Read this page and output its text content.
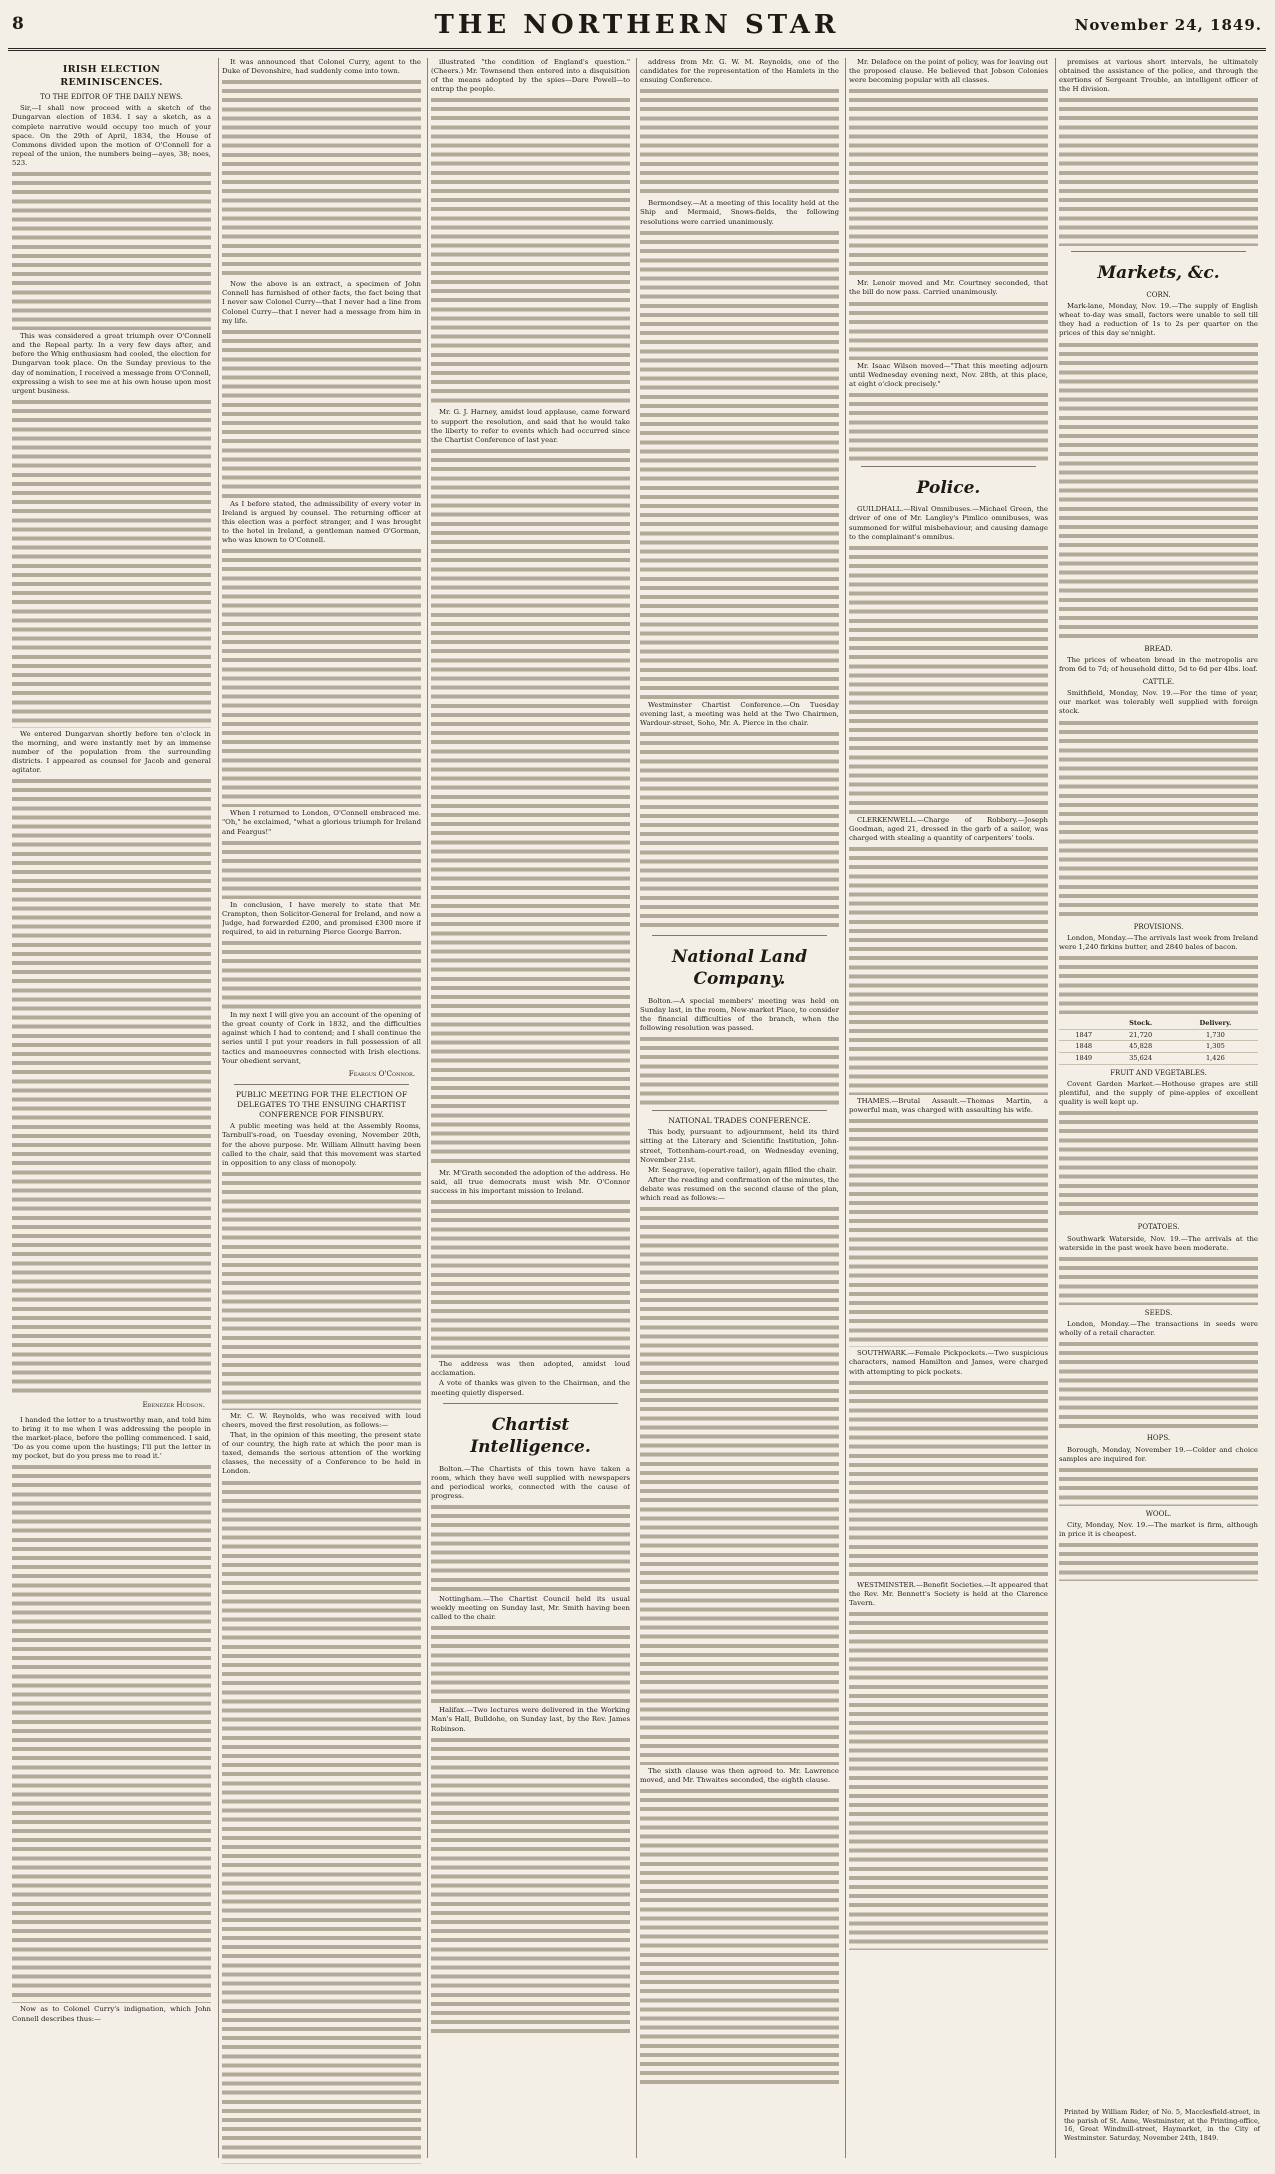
8	THE NORTHERN STAR	November 24, 1849.
IRISH ELECTION REMINISCENCES.
TO THE EDITOR OF THE DAILY NEWS.

Sir,—I shall now proceed with a sketch of the Dungarvan election of 1834. I say a sketch, as a complete narrative would occupy too much of your space. On the 29th of April, 1834, the House of Commons divided upon the motion of O'Connell for a repeal of the union, the numbers being—ayes, 38; noes, 523.

This was considered a great triumph over O'Connell and the Repeal party. In a very few days after, and before the Whig enthusiasm had cooled, the election for Dungarvan took place. On the Sunday previous to the day of nomination, I received a message from O'Connell, expressing a wish to see me at his own house upon most urgent business.

We entered Dungarvan shortly before ten o'clock in the morning, and were instantly met by an immense number of the population from the surrounding districts. I appeared as counsel for Jacob and general agitator.

Ebenezer Hudson.

I handed the letter to a trustworthy man, and told him to bring it to me when I was addressing the people in the market-place, before the polling commenced. I said, 'Do as you come upon the hustings; I'll put the letter in my pocket, but do you press me to read it.'

Now as to Colonel Curry's indignation, which John Connell describes thus:—

It was announced that Colonel Curry, agent to the Duke of Devonshire, had suddenly come into town.

Now the above is an extract, a specimen of John Connell has furnished of other facts, the fact being that I never saw Colonel Curry—that I never had a line from Colonel Curry—that I never had a message from him in my life.

As I before stated, the admissibility of every voter in Ireland is argued by counsel. The returning officer at this election was a perfect stranger, and I was brought to the hotel in Ireland, a gentleman named O'Gorman, who was known to O'Connell.

When I returned to London, O'Connell embraced me. "Oh," he exclaimed, "what a glorious triumph for Ireland and Feargus!"

In conclusion, I have merely to state that Mr. Crampton, then Solicitor-General for Ireland, and now a Judge, had forwarded £200, and promised £300 more if required, to aid in returning Pierce George Barron.

In my next I will give you an account of the opening of the great county of Cork in 1832, and the difficulties against which I had to contend; and I shall continue the series until I put your readers in full possession of all tactics and manoeuvres connected with Irish elections. Your obedient servant,

Feargus O'Connor.
PUBLIC MEETING FOR THE ELECTION OF DELEGATES TO THE ENSUING CHARTIST CONFERENCE FOR FINSBURY.

A public meeting was held at the Assembly Rooms, Tarnbull's-road, on Tuesday evening, November 20th, for the above purpose. Mr. William Allnutt having been called to the chair, said that this movement was started in opposition to any class of monopoly.

Mr. C. W. Reynolds, who was received with loud cheers, moved the first resolution, as follows:—

That, in the opinion of this meeting, the present state of our country, the high rate at which the poor man is taxed, demands the serious attention of the working classes, the necessity of a Conference to be held in London.

illustrated "the condition of England's question." (Cheers.) Mr. Townsend then entered into a disquisition of the means adopted by the spies—Dare Powell—to entrap the people.

Mr. G. J. Harney, amidst loud applause, came forward to support the resolution, and said that he would take the liberty to refer to events which had occurred since the Chartist Conference of last year.

Mr. M'Grath seconded the adoption of the address. He said, all true democrats must wish Mr. O'Connor success in his important mission to Ireland.

The address was then adopted, amidst loud acclamation.

A vote of thanks was given to the Chairman, and the meeting quietly dispersed.

Chartist Intelligence.

Bolton.—The Chartists of this town have taken a room, which they have well supplied with newspapers and periodical works, connected with the cause of progress.

Nottingham.—The Chartist Council held its usual weekly meeting on Sunday last, Mr. Smith having been called to the chair.

Halifax.—Two lectures were delivered in the Working Man's Hall, Bulldohe, on Sunday last, by the Rev. James Robinson.

address from Mr. G. W. M. Reynolds, one of the candidates for the representation of the Hamlets in the ensuing Conference.

Bermondsey.—At a meeting of this locality held at the Ship and Mermaid, Snows-fields, the following resolutions were carried unanimously.

Westminster Chartist Conference.—On Tuesday evening last, a meeting was held at the Two Chairmen, Wardour-street, Soho, Mr. A. Pierce in the chair.

National Land Company.

Bolton.—A special members' meeting was held on Sunday last, in the room, New-market Place, to consider the financial difficulties of the branch, when the following resolution was passed.

NATIONAL TRADES CONFERENCE.

This body, pursuant to adjournment, held its third sitting at the Literary and Scientific Institution, John-street, Tottenham-court-road, on Wednesday evening, November 21st.

Mr. Seagrave, (operative tailor), again filled the chair.

After the reading and confirmation of the minutes, the debate was resumed on the second clause of the plan, which read as follows:—

The sixth clause was then agreed to. Mr. Lawrence moved, and Mr. Thwaites seconded, the eighth clause.

Mr. Delafoce on the point of policy, was for leaving out the proposed clause. He believed that Jobson Colonies were becoming popular with all classes.

Mr. Lenoir moved and Mr. Courtney seconded, that the bill do now pass. Carried unanimously.

Mr. Isaac Wilson moved—"That this meeting adjourn until Wednesday evening next, Nov. 28th, at this place, at eight o'clock precisely."

Police.

GUILDHALL.—Rival Omnibuses.—Michael Green, the driver of one of Mr. Langley's Pimlico omnibuses, was summoned for wilful misbehaviour, and causing damage to the complainant's omnibus.

CLERKENWELL.—Charge of Robbery.—Joseph Goodman, aged 21, dressed in the garb of a sailor, was charged with stealing a quantity of carpenters' tools.

THAMES.—Brutal Assault.—Thomas Martin, a powerful man, was charged with assaulting his wife.

SOUTHWARK.—Female Pickpockets.—Two suspicious characters, named Hamilton and James, were charged with attempting to pick pockets.

WESTMINSTER.—Benefit Societies.—It appeared that the Rev. Mr. Bennett's Society is held at the Clarence Tavern.

premises at various short intervals, he ultimately obtained the assistance of the police, and through the exertions of Sergeant Trouble, an intelligent officer of the H division.

Markets, &c.
CORN.

Mark-lane, Monday, Nov. 19.—The supply of English wheat to-day was small, factors were unable to sell till they had a reduction of 1s to 2s per quarter on the prices of this day se'nnight.

BREAD.

The prices of wheaten bread in the metropolis are from 6d to 7d; of household ditto, 5d to 6d per 4lbs. loaf.

CATTLE.

Smithfield, Monday, Nov. 19.—For the time of year, our market was tolerably well supplied with foreign stock.

PROVISIONS.

London, Monday.—The arrivals last week from Ireland were 1,240 firkins butter, and 2840 bales of bacon.

	Stock.	Delivery.
1847	21,720	1,730
1848	45,828	1,305
1849	35,624	1,426
FRUIT AND VEGETABLES.

Covent Garden Market.—Hothouse grapes are still plentiful, and the supply of pine-apples of excellent quality is well kept up.

POTATOES.

Southwark Waterside, Nov. 19.—The arrivals at the waterside in the past week have been moderate.

SEEDS.

London, Monday.—The transactions in seeds were wholly of a retail character.

HOPS.

Borough, Monday, November 19.—Colder and choice samples are inquired for.

WOOL.

City, Monday, Nov. 19.—The market is firm, although in price it is cheapest.

Printed by William Rider, of No. 5, Macclesfield-street, in the parish of St. Anne, Westminster, at the Printing-office, 16, Great Windmill-street, Haymarket, in the City of Westminster. Saturday, November 24th, 1849.
